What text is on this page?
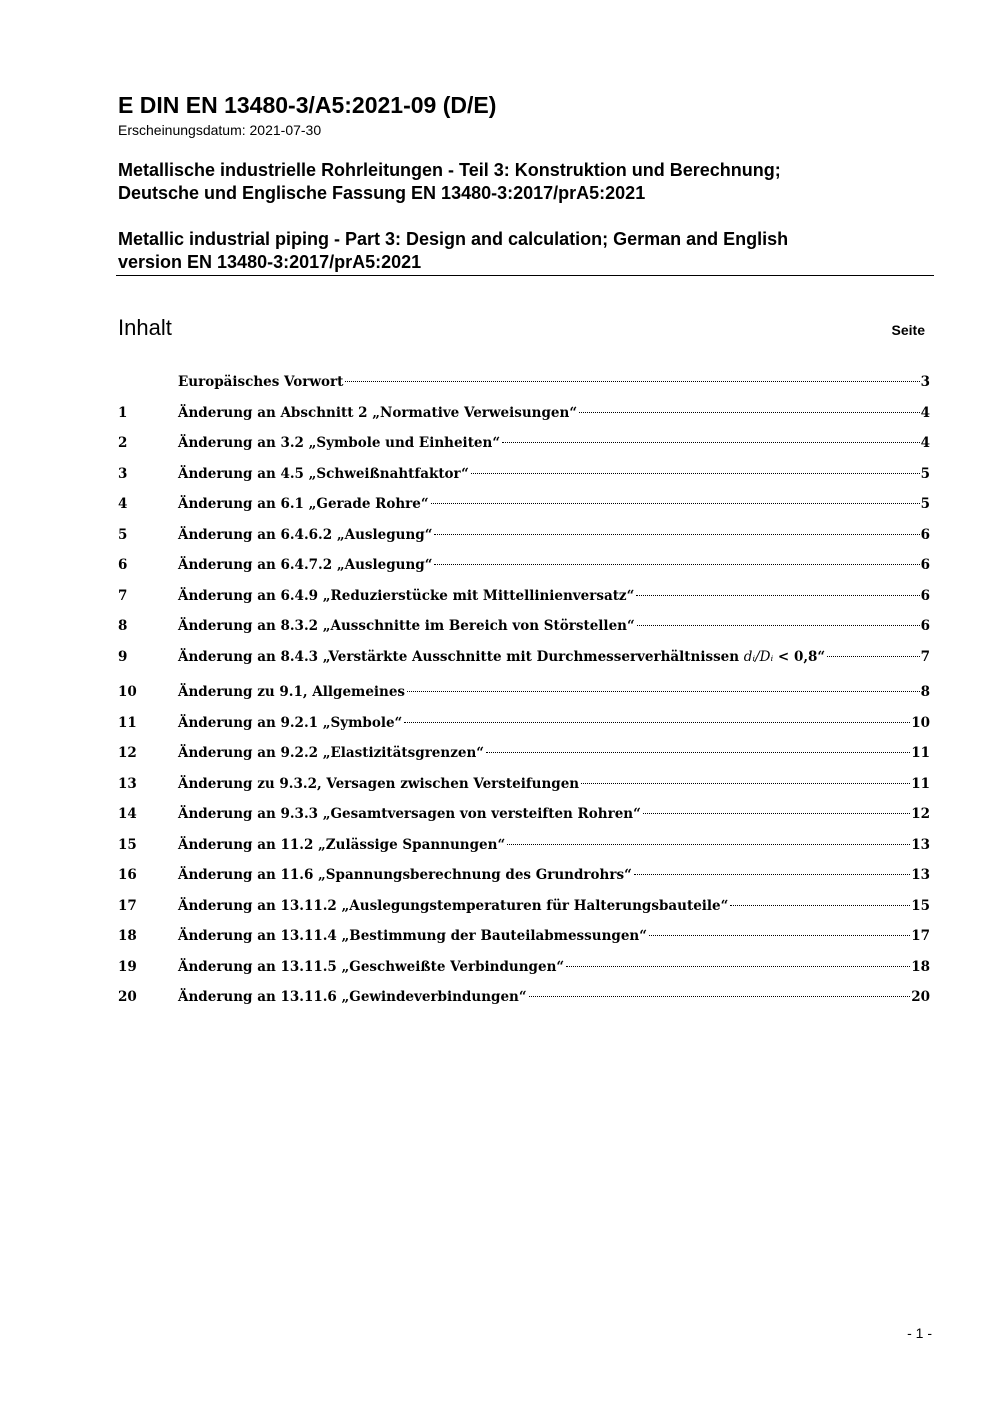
E DIN EN 13480-3/A5:2021-09 (D/E)
Erscheinungsdatum: 2021-07-30
Metallische industrielle Rohrleitungen - Teil 3: Konstruktion und Berechnung;
Deutsche und Englische Fassung EN 13480-3:2017/prA5:2021
Metallic industrial piping - Part 3: Design and calculation; German and English
version EN 13480-3:2017/prA5:2021
Inhalt	Seite
Europäisches Vorwort	3
1	Änderung an Abschnitt 2 „Normative Verweisungen“	4
2	Änderung an 3.2 „Symbole und Einheiten“	4
3	Änderung an 4.5 „Schweißnahtfaktor“	5
4	Änderung an 6.1 „Gerade Rohre“	5
5	Änderung an 6.4.6.2 „Auslegung“	6
6	Änderung an 6.4.7.2 „Auslegung“	6
7	Änderung an 6.4.9 „Reduzierstücke mit Mittellinienversatz“	6
8	Änderung an 8.3.2 „Ausschnitte im Bereich von Störstellen“	6
9	Änderung an 8.4.3 „Verstärkte Ausschnitte mit Durchmesserverhältnissen dᵢ/Dᵢ < 0,8“	7
10	Änderung zu 9.1, Allgemeines	8
11	Änderung an 9.2.1 „Symbole“	10
12	Änderung an 9.2.2 „Elastizitätsgrenzen“	11
13	Änderung zu 9.3.2, Versagen zwischen Versteifungen	11
14	Änderung an 9.3.3 „Gesamtversagen von versteiften Rohren“	12
15	Änderung an 11.2 „Zulässige Spannungen“	13
16	Änderung an 11.6 „Spannungsberechnung des Grundrohrs“	13
17	Änderung an 13.11.2 „Auslegungstemperaturen für Halterungsbauteile“	15
18	Änderung an 13.11.4 „Bestimmung der Bauteilabmessungen“	17
19	Änderung an 13.11.5 „Geschweißte Verbindungen“	18
20	Änderung an 13.11.6 „Gewindeverbindungen“	20
- 1 -
